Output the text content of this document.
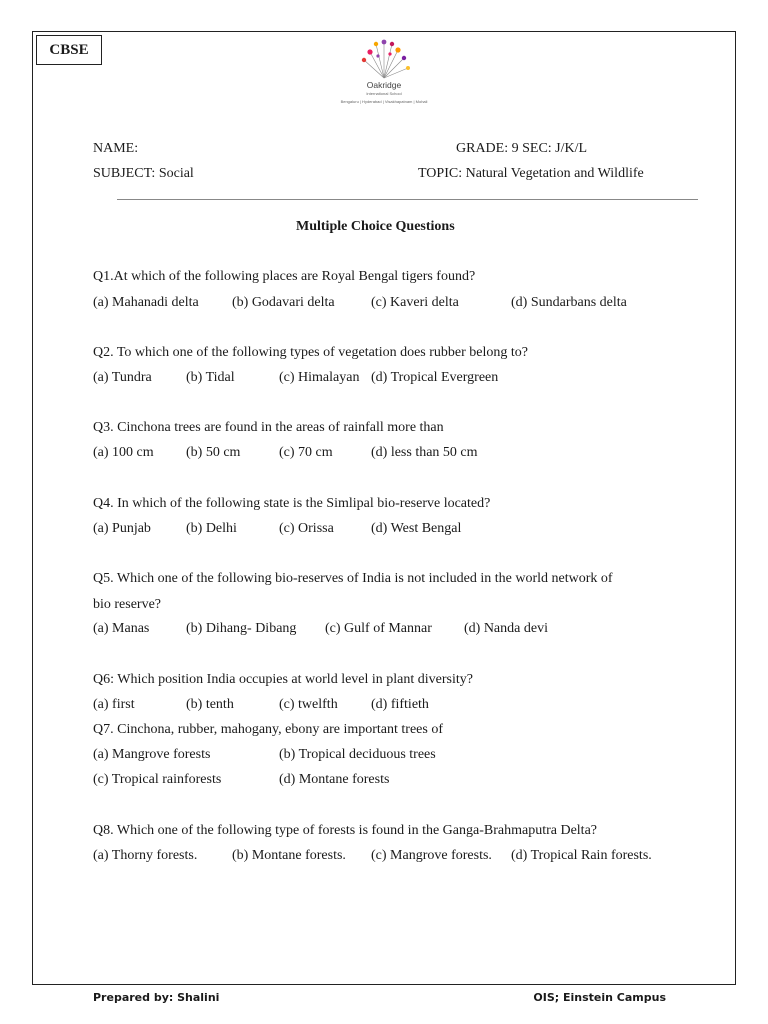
CBSE
Oakridge
International School
Bengaluru | Hyderabad | Visakhapatnam | Mohali
NAME:	GRADE: 9 SEC: J/K/L
SUBJECT: Social	TOPIC: Natural Vegetation and Wildlife
Multiple Choice Questions
Q1.At which of the following places are Royal Bengal tigers found?
(a) Mahanadi delta (b) Godavari delta	(c) Kaveri delta	(d) Sundarbans delta
Q2. To which one of the following types of vegetation does rubber belong to?
(a) Tundra (b) Tidal	(c) Himalayan (d) Tropical Evergreen
Q3. Cinchona trees are found in the areas of rainfall more than
(a) 100 cm (b) 50 cm	(c) 70 cm	(d) less than 50 cm
Q4. In which of the following state is the Simlipal bio-reserve located?
(a) Punjab	(b) Delhi	(c) Orissa	(d) West Bengal
Q5. Which one of the following bio-reserves of India is not included in the world network of
bio reserve?
(a) Manas	(b) Dihang- Dibang (c) Gulf of Mannar (d) Nanda devi
Q6: Which position India occupies at world level in plant diversity?
(a) first	(b) tenth	(c) twelfth (d) fiftieth
Q7. Cinchona, rubber, mahogany, ebony are important trees of
(a) Mangrove forests	(b) Tropical deciduous trees
(c) Tropical rainforests	(d) Montane forests
Q8. Which one of the following type of forests is found in the Ganga-Brahmaputra Delta?
(a) Thorny forests. (b) Montane forests. (c) Mangrove forests. (d) Tropical Rain forests.
Prepared by: Shalini	OIS; Einstein Campus
